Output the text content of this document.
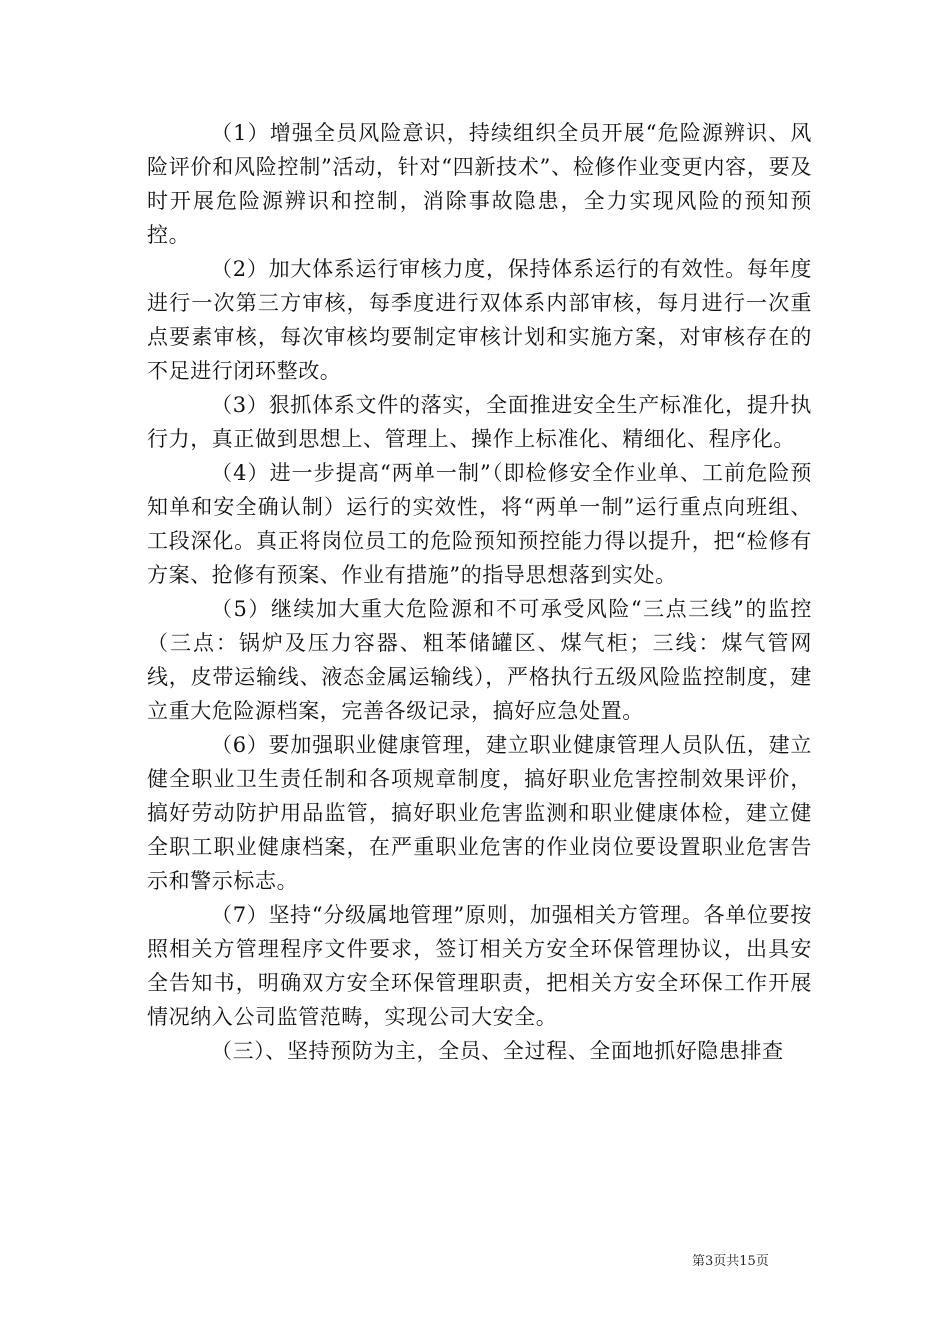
（1）增强全员风险意识，持续组织全员开展“危险源辨识、风险评价和风险控制”活动，针对“四新技术”、检修作业变更内容，要及时开展危险源辨识和控制，消除事故隐患，全力实现风险的预知预控。

（2）加大体系运行审核力度，保持体系运行的有效性。每年度进行一次第三方审核，每季度进行双体系内部审核，每月进行一次重点要素审核，每次审核均要制定审核计划和实施方案，对审核存在的不足进行闭环整改。

（3）狠抓体系文件的落实，全面推进安全生产标准化，提升执行力，真正做到思想上、管理上、操作上标准化、精细化、程序化。

（4）进一步提高“两单一制”（即检修安全作业单、工前危险预知单和安全确认制）运行的实效性，将“两单一制”运行重点向班组、工段深化。真正将岗位员工的危险预知预控能力得以提升，把“检修有方案、抢修有预案、作业有措施”的指导思想落到实处。

（5）继续加大重大危险源和不可承受风险“三点三线”的监控（三点：锅炉及压力容器、粗苯储罐区、煤气柜；三线：煤气管网线，皮带运输线、液态金属运输线），严格执行五级风险监控制度，建立重大危险源档案，完善各级记录，搞好应急处置。

（6）要加强职业健康管理，建立职业健康管理人员队伍，建立健全职业卫生责任制和各项规章制度，搞好职业危害控制效果评价，搞好劳动防护用品监管，搞好职业危害监测和职业健康体检，建立健全职工职业健康档案，在严重职业危害的作业岗位要设置职业危害告示和警示标志。

（7）坚持“分级属地管理”原则，加强相关方管理。各单位要按照相关方管理程序文件要求，签订相关方安全环保管理协议，出具安全告知书，明确双方安全环保管理职责，把相关方安全环保工作开展情况纳入公司监管范畴，实现公司大安全。

（三）、坚持预防为主，全员、全过程、全面地抓好隐患排查

第3页共15页
